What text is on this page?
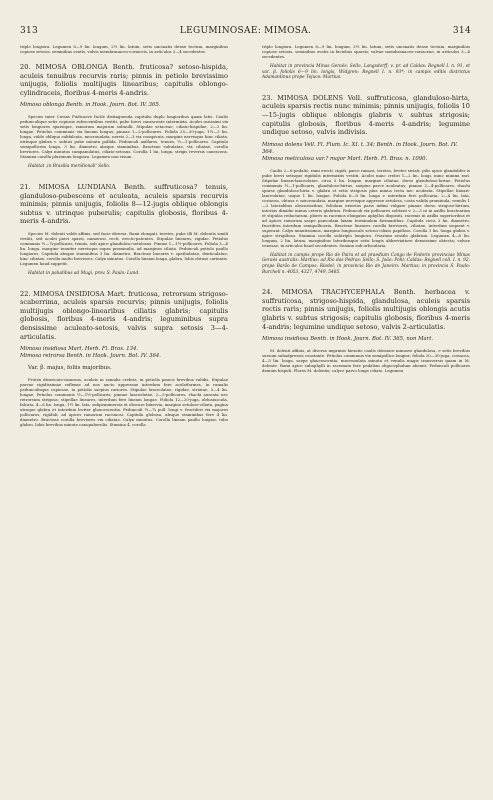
313	LEGUMINOSAE: MIMOSA.	314

triplo longiora. Legumen 8—9 lin. longum, 2½ lin. latum, setis uncinatis dense tectum, marginibus copiose setosis, seminibus ovatis, valvis membranaceo-coriaceis, in articulos 3—4 secedentes.

20. MIMOSA OBLONGA Benth. fruticosa? setoso-hispida, aculeis tenuibus recurvis raris; pinnis in petiolo brevissimo unijugis, foliolis multijugis linearibus; capitulis oblongo-cylindraceis, floribus 4-meris 4-andris.

Mimosa oblonga Benth. in Hook. Journ. Bot. IV. 365.

Species inter Cœsas Pudicaeve facile distinguenda capitulis duplo longioribus quam latis. Caulis pedunculique setis copiosis rufescentibus vestiti, pube brevi canescente intermixta. Aculei rarissimi vix setis longiores sparsique, ramorum majorum subnulli. Stipulae setaceae, ciliato-hispidae, 2—3 lin. longae. Petiolus communis vix lineam longus; pinnae 1—2-pollicares. Foliola 25—30-juga, 1½—3 lin. longa, valde obliqua subfalcata, mucronulata, nervis 2—3 vix conspicuis, margine nervisque hinc ciliata, utrinque glabra v. subtus pube minuta pallida. Pedunculi axillares, tenues, ½—1-pollicares. Capitula semipollicem longa, 3 lin. diametro absque staminibus. Bracteae subulatae, vix ciliatae, corolla breviores. Calyx minutus campanulatus, ciliato-setosus. Corolla 1 lin. longa, strigis reversis canescens. Stamina corolla plurimum longiora. Legumen non visum.

Habitat ‚in Brasilia meridionali' Sello.

21. MIMOSA LUNDIANA Benth. suffruticosa? tenuis, glanduloso-pubescens et aculeata, aculeis sparsis recurvis minimis; pinnis unijugis, foliolis 8—12-jugis oblique oblongis subtus v. utrinque puberulis; capitulis globosis, floribus 4-meris 4-andris.

Species M. dolenti valde affinis, sed facie diversa. Rami elongati, teretes, pube illi M. dolentis simili vestiti, sed aculei parvi sparsi, numerosi, recti, erecto-patentes. Stipulae lineares, rigidae. Petiolus communis ½—¾-pollicaris, tenuis, sub apice glanduloso-setulosus. Pinnae 1—1½-pollicares. Foliola 3—4 lin. longa, margine tenuiter nervisque supra prominulis, ad margines ciliata. Pedunculi petiolo paullo longiores. Capitula absque staminibus 3 lin. diametro. Bracteae lineares v. spathulatae, denticulatae, hinc ciliatae, corolla multo breviores. Calyx minutus. Corolla lineam longa, glabra, lobis obtuse carinatis. Legumen haud suppetit.

Habitat in paludibus ad Mugi, prov. S. Paulo: Lund.

22. MIMOSA INSIDIOSA Mart. fruticosa, retrorsum strigoso-scaberrima, aculeis sparsis recurvis; pinnis unijugis, foliolis multijugis oblongo-linearibus ciliatis glabris; capitulis globosis, floribus 4-meris 4-andris; leguminibus supra densissime aculeato-setosis, valvis supra setosis 3—4-articulatis.

Mimosa insidiosa Mart. Herb. Fl. Bras. 134.

Mimosa retrorsa Benth. in Hook. Journ. Bot. IV. 364.

Var. β. majus, foliis majoribus.

Frutex divaricato-ramosus, aculeis in ramulis crebris, in petiolis paucis brevibus validis. Stipulae parvae rigidissimae reflexae ad nos aucto appressae interdum fere aculeiformes, in ramulis pedunculisque copiosae, in petiolis saepius rariores. Stipulae lanceolatae, rigidae, striatae, 3—4 lin. longae. Petiolus communis ½—1½-pollicaris; pinnae lanceolatae, 2—3-pollicares, rhachi aureata nec retrorsum strigosa; stipellae lineares, interdum fere lineam longae. Foliola 12—20-juga, obtusiuscula, falcata, 4—6 lin. longa, 1½ lin. lata, subpenninervia et obscure binervia, margine setulose-ciliata, pagina utraque glabra et interdum leviter glaucescentia. Pedunculi ½—¾ poll. longi v. fructiferi vix majores pollicares, rigiduli, ad apices ramorum racemosi. Capitula globosa, absque staminibus fere 4 lin. diametro. Bracteae corolla breviores vix ciliatae. Calyx minutus. Corolla lineam paullo longior, tubo glabro, lobis brevibus minute canopuberulis. Stamina 4, corolla

triplo longiora. Legumen 8—9 lin. longum, 2½ lin. latum, setis uncinatis dense tectum, marginibus copiose setosis, seminibus ovatis in faciebus sparsis; valvae membranaceo-coriaceae, in articulos 3—4 secedentes.

Habitat in provincia Minas Geraës: Sello, Langsdorff; v. pr. ad Caldas: Regnell I. n. 91, et var. β. foliolis 6—9 lin. longis, Widgren: Regnell I. n. 93*; in campis editis districtus Adamantinus prope Tejuco: Martius.

23. MIMOSA DOLENS Vell. suffruticosa, glanduloso-hirta, aculeis sparsis rectis nunc minimis; pinnis unijugis, foliolis 10—15-jugis oblique oblongis glabris v. subtus strigosis; capitulis globosis, floribus 4-meris 4-andris; legumine undique setoso, valvis indivisis.

Mimosa dolens Vell. Fl. Flum. Ic. XI. t. 34; Benth. in Hook. Journ. Bot. IV. 364.

Mimosa meticulosa var.? major Mart. Herb. Fl. Bras. n. 1090.

Caulis 2—6-pedalis; rami erecti, rigidi, parce ramosi, teretes, leviter striati, pilis apice glandulifer is pube brevi setisque rigidulis intermixtis vestiti. Aculei nunc crebri 1—2 lin. longi, nunc minimi rari. Stipulae lineari-lanceolatae, circa 3 lin. longae, margine ciliatae, dorso glanduloso-hirtae. Petiolus communis ½—1-pollicaris, glanduloso-hirtus, saepius parce aculeatus; pinnae 2—4-pollicares, rhachi sparse glanduloso-hirta v. glabra et setis strigosis plus minus tecta nec aculeata. Stipellae lineari-lanceolatae, usque 1 lin. longae. Foliola 6—8 lin. longa v. interdum fere pollicaria, 2—4 lin. lata, coriacea, obtusa v. mucronulata, margine nervisque appresse setulosa, costa valida prominula, venulis 1—2 lateralibus obscurioribus; foliolum exterius paris infimi vulgare pinnae dorso strigoso-hirtum, interius dimidio minus ceteris glabrum. Pedunculi vix pollicares solitarii v. 2—3 ni in axillis bractearum et stipulas reductarum, plures in racemos elongatos aphyllos dispositi, racemis in axillis superioribus et ad apices ramorum saepe paniculam laxam terminalem formantibus. Capitula circa 3 lin. diametro, fructifera interdum semipollicaria. Bracteae lineares corolla breviores, ciliatae, interdum sequent v. superant. Calyx minutissimus, margine longiuscule setoso-ciliato papilloso. Corolla 1 lin. longa glabra v. apice strigillosa. Stamina corolla subtriplo longiora. Ovarium sessile glabrum. Legumen 4—6 lin. longum, 2 lin. latum, marginibus lateribusque setis longis abbreviatisve densissime obtecta; valvae venosae, in articulos haud secedentes. Semina sub-orbicularia.

Habitat in campis prope Rio de Paira et ad praedium Congo de Fedorio provinciae Minas Geraës australis: Martius; ad Rio das Pedras: Sello; S. João: Pohl; Caldas: Regnell coll. I. n. 92; prope Barão de Campos; Riedel; in provincia Rio de Janeiro: Martius; in provincia S. Paulo: Burchell n. 4053, 4327, 4749, 5485.

24. MIMOSA TRACHYCEPHALA Benth. herbacea v. suffruticosa, strigoso-hispida, glandulosa, aculeis sparsis rectis raris; pinnis unijugis, foliolis multijugis oblongis acutis glabris v. subtus strigosis; capitulis globosis, floribus 4-meris 4-andris; legumine undique setoso, valvis 2-articulatis.

Mimosa insidiosa Benth. in Hook. Journ. Bot. IV. 365, non Mart.

M. dolenti affinis, at diversa imprimis hirsutie caulis densiore minusve glandulosa, e setis brevibus sursum subadpressis constante. Petiolus communis vix semipollice longior; foliola 20—30-juga, coriacea, 4—5 lin. longa, saepe glaucescentia, mucronulata minuta et venulis magis transversis quam in M. dolente. Rami apice subaphylli in racemum fere pedalem oligocephalum abeunt. Pedunculi pollicares demum hispidi. Flores M. dolentis; calyce parvo longe ciliato. Legumen
